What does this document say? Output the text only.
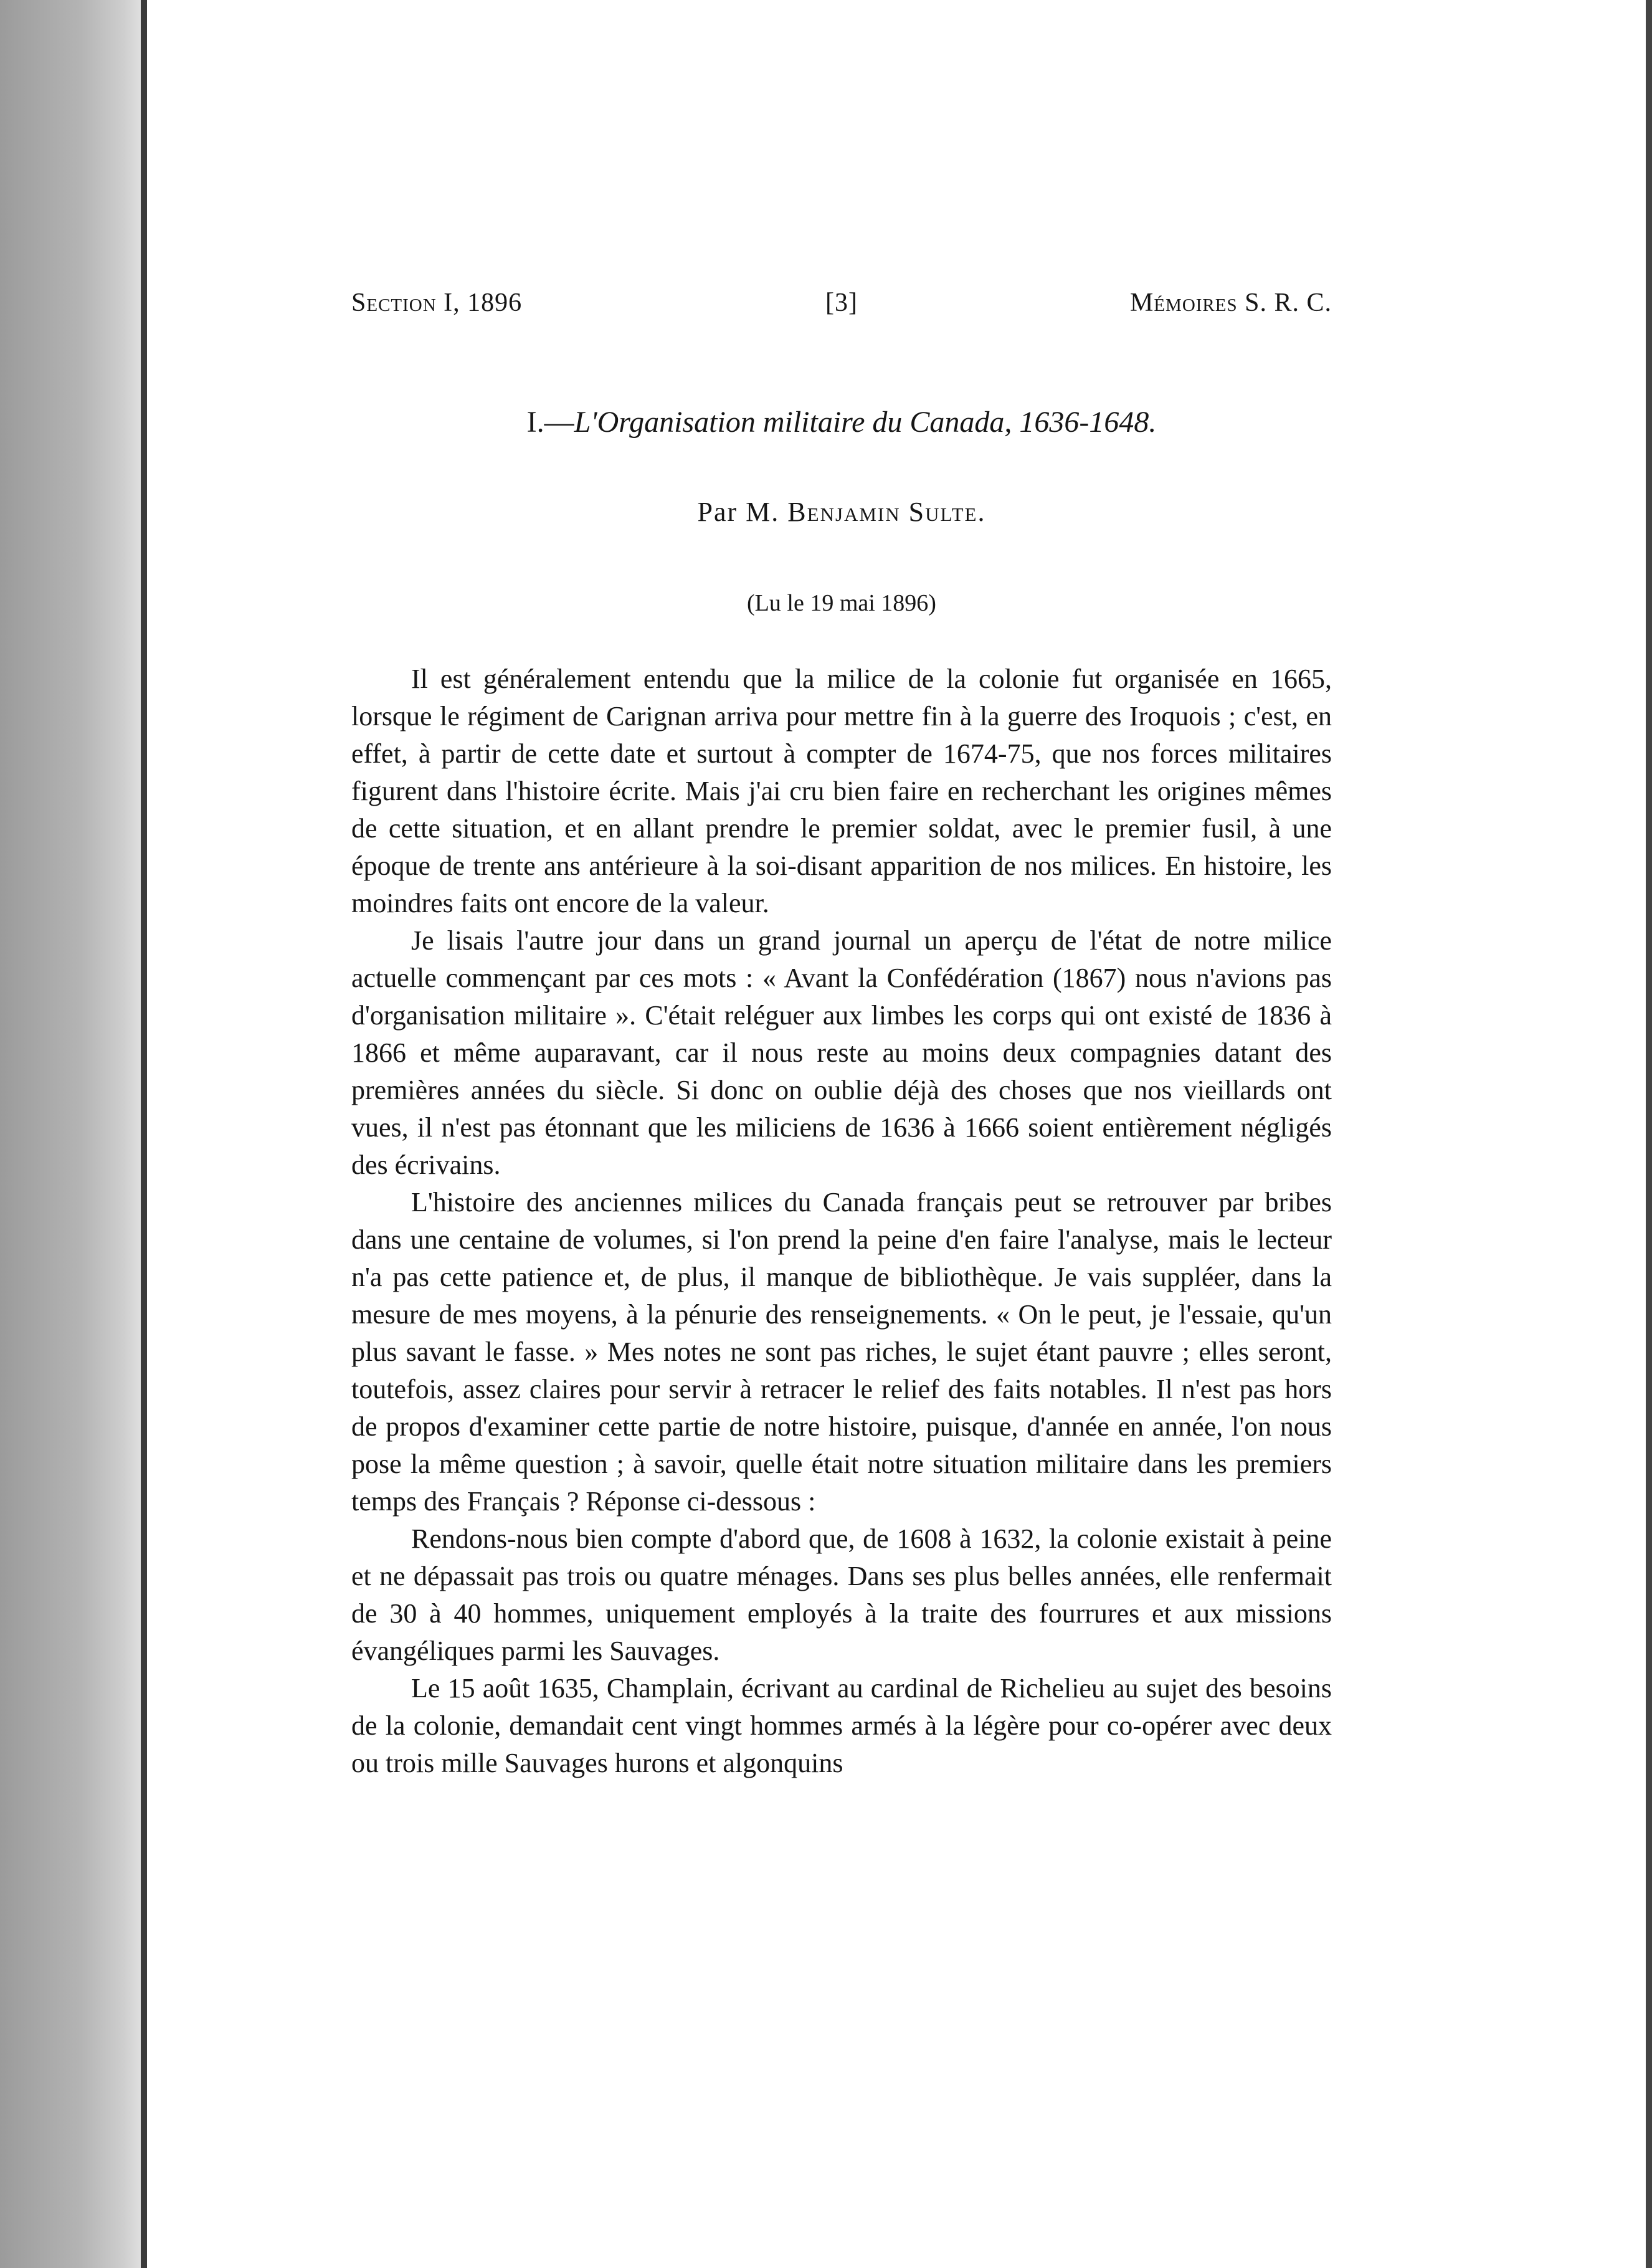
Section I, 1896	[3]	Mémoires S. R. C.
I.—L'Organisation militaire du Canada, 1636-1648.
Par M. Benjamin Sulte.
(Lu le 19 mai 1896)

Il est généralement entendu que la milice de la colonie fut organisée en 1665, lorsque le régiment de Carignan arriva pour mettre fin à la guerre des Iroquois ; c'est, en effet, à partir de cette date et surtout à compter de 1674-75, que nos forces militaires figurent dans l'histoire écrite. Mais j'ai cru bien faire en recherchant les origines mêmes de cette situation, et en allant prendre le premier soldat, avec le premier fusil, à une époque de trente ans antérieure à la soi-disant apparition de nos milices. En histoire, les moindres faits ont encore de la valeur.

Je lisais l'autre jour dans un grand journal un aperçu de l'état de notre milice actuelle commençant par ces mots : « Avant la Confédération (1867) nous n'avions pas d'organisation militaire ». C'était reléguer aux limbes les corps qui ont existé de 1836 à 1866 et même auparavant, car il nous reste au moins deux compagnies datant des premières années du siècle. Si donc on oublie déjà des choses que nos vieillards ont vues, il n'est pas étonnant que les miliciens de 1636 à 1666 soient entièrement négligés des écrivains.

L'histoire des anciennes milices du Canada français peut se retrouver par bribes dans une centaine de volumes, si l'on prend la peine d'en faire l'analyse, mais le lecteur n'a pas cette patience et, de plus, il manque de bibliothèque. Je vais suppléer, dans la mesure de mes moyens, à la pénurie des renseignements. « On le peut, je l'essaie, qu'un plus savant le fasse. » Mes notes ne sont pas riches, le sujet étant pauvre ; elles seront, toutefois, assez claires pour servir à retracer le relief des faits notables. Il n'est pas hors de propos d'examiner cette partie de notre histoire, puisque, d'année en année, l'on nous pose la même question ; à savoir, quelle était notre situation militaire dans les premiers temps des Français ? Réponse ci-dessous :

Rendons-nous bien compte d'abord que, de 1608 à 1632, la colonie existait à peine et ne dépassait pas trois ou quatre ménages. Dans ses plus belles années, elle renfermait de 30 à 40 hommes, uniquement employés à la traite des fourrures et aux missions évangéliques parmi les Sauvages.

Le 15 août 1635, Champlain, écrivant au cardinal de Richelieu au sujet des besoins de la colonie, demandait cent vingt hommes armés à la légère pour co-opérer avec deux ou trois mille Sauvages hurons et algonquins
